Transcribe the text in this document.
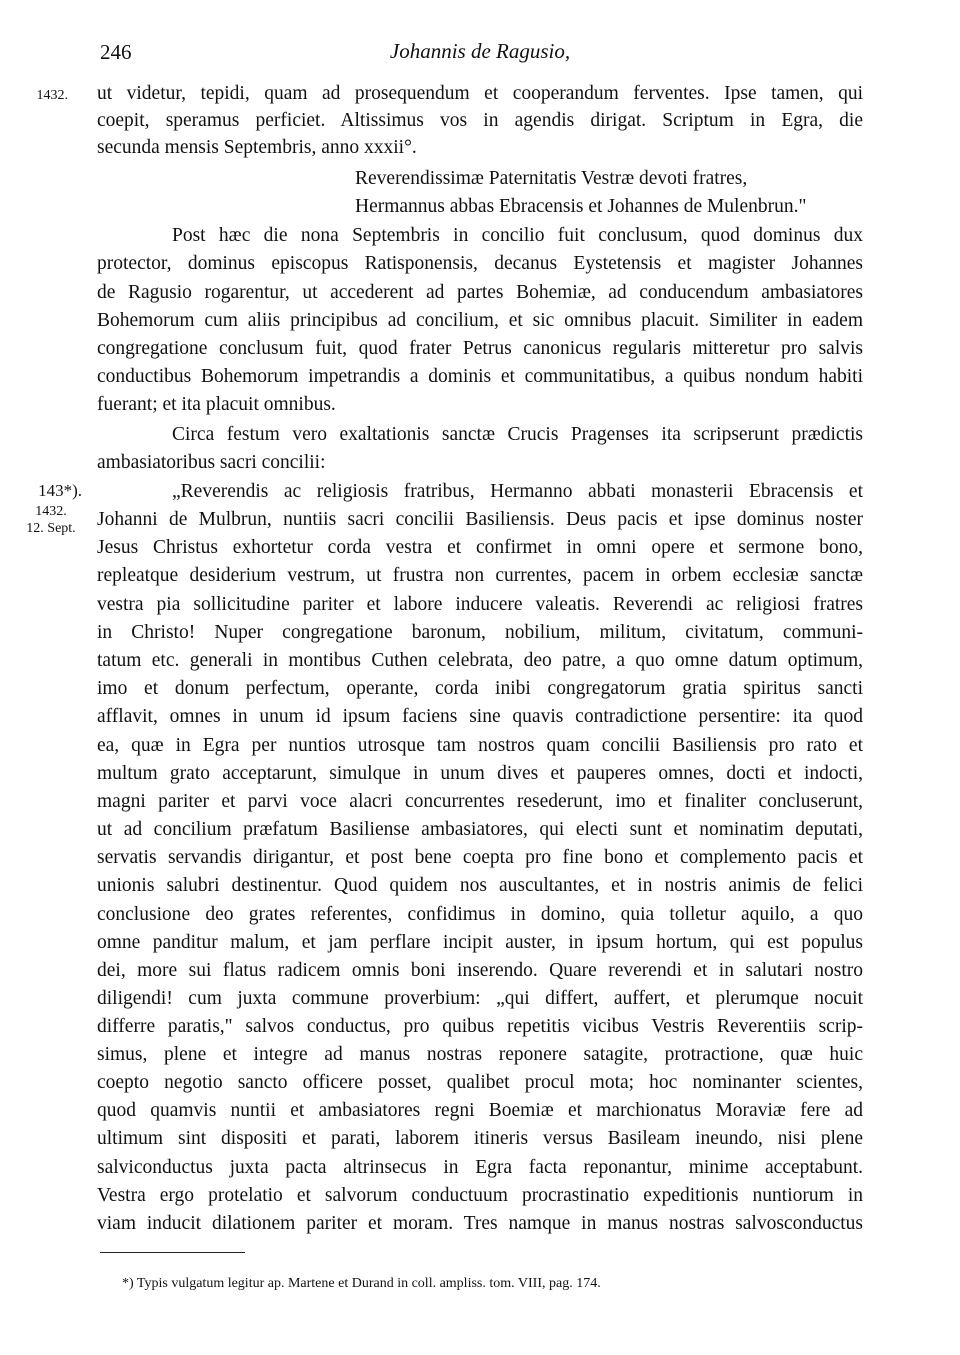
246	Johannis de Ragusio,
1432.
143*).
1432.
12. Sept.
ut videtur, tepidi, quam ad prosequendum et cooperandum ferventes. Ipse tamen, qui
coepit, speramus perficiet. Altissimus vos in agendis dirigat. Scriptum in Egra, die
secunda mensis Septembris, anno xxxii°.
Reverendissimæ Paternitatis Vestræ devoti fratres,
Hermannus abbas Ebracensis et Johannes de Mulenbrun."
Post hæc die nona Septembris in concilio fuit conclusum, quod dominus dux
protector, dominus episcopus Ratisponensis, decanus Eystetensis et magister Johannes
de Ragusio rogarentur, ut accederent ad partes Bohemiæ, ad conducendum ambasiatores
Bohemorum cum aliis principibus ad concilium, et sic omnibus placuit. Similiter in eadem
congregatione conclusum fuit, quod frater Petrus canonicus regularis mitteretur pro salvis
conductibus Bohemorum impetrandis a dominis et communitatibus, a quibus nondum habiti
fuerant; et ita placuit omnibus.
Circa festum vero exaltationis sanctæ Crucis Pragenses ita scripserunt prædictis
ambasiatoribus sacri concilii:
„Reverendis ac religiosis fratribus, Hermanno abbati monasterii Ebracensis et
Johanni de Mulbrun, nuntiis sacri concilii Basiliensis. Deus pacis et ipse dominus noster
Jesus Christus exhortetur corda vestra et confirmet in omni opere et sermone bono,
repleatque desiderium vestrum, ut frustra non currentes, pacem in orbem ecclesiæ sanctæ
vestra pia sollicitudine pariter et labore inducere valeatis. Reverendi ac religiosi fratres
in Christo! Nuper congregatione baronum, nobilium, militum, civitatum, communi-
tatum etc. generali in montibus Cuthen celebrata, deo patre, a quo omne datum optimum,
imo et donum perfectum, operante, corda inibi congregatorum gratia spiritus sancti
afflavit, omnes in unum id ipsum faciens sine quavis contradictione persentire: ita quod
ea, quæ in Egra per nuntios utrosque tam nostros quam concilii Basiliensis pro rato et
multum grato acceptarunt, simulque in unum dives et pauperes omnes, docti et indocti,
magni pariter et parvi voce alacri concurrentes resederunt, imo et finaliter concluserunt,
ut ad concilium præfatum Basiliense ambasiatores, qui electi sunt et nominatim deputati,
servatis servandis dirigantur, et post bene coepta pro fine bono et complemento pacis et
unionis salubri destinentur. Quod quidem nos auscultantes, et in nostris animis de felici
conclusione deo grates referentes, confidimus in domino, quia tolletur aquilo, a quo
omne panditur malum, et jam perflare incipit auster, in ipsum hortum, qui est populus
dei, more sui flatus radicem omnis boni inserendo. Quare reverendi et in salutari nostro
diligendi! cum juxta commune proverbium: „qui differt, auffert, et plerumque nocuit
differre paratis," salvos conductus, pro quibus repetitis vicibus Vestris Reverentiis scrip-
simus, plene et integre ad manus nostras reponere satagite, protractione, quæ huic
coepto negotio sancto officere posset, qualibet procul mota; hoc nominanter scientes,
quod quamvis nuntii et ambasiatores regni Boemiæ et marchionatus Moraviæ fere ad
ultimum sint dispositi et parati, laborem itineris versus Basileam ineundo, nisi plene
salviconductus juxta pacta altrinsecus in Egra facta reponantur, minime acceptabunt.
Vestra ergo protelatio et salvorum conductuum procrastinatio expeditionis nuntiorum in
viam inducit dilationem pariter et moram. Tres namque in manus nostras salvosconductus
*) Typis vulgatum legitur ap. Martene et Durand in coll. ampliss. tom. VIII, pag. 174.
